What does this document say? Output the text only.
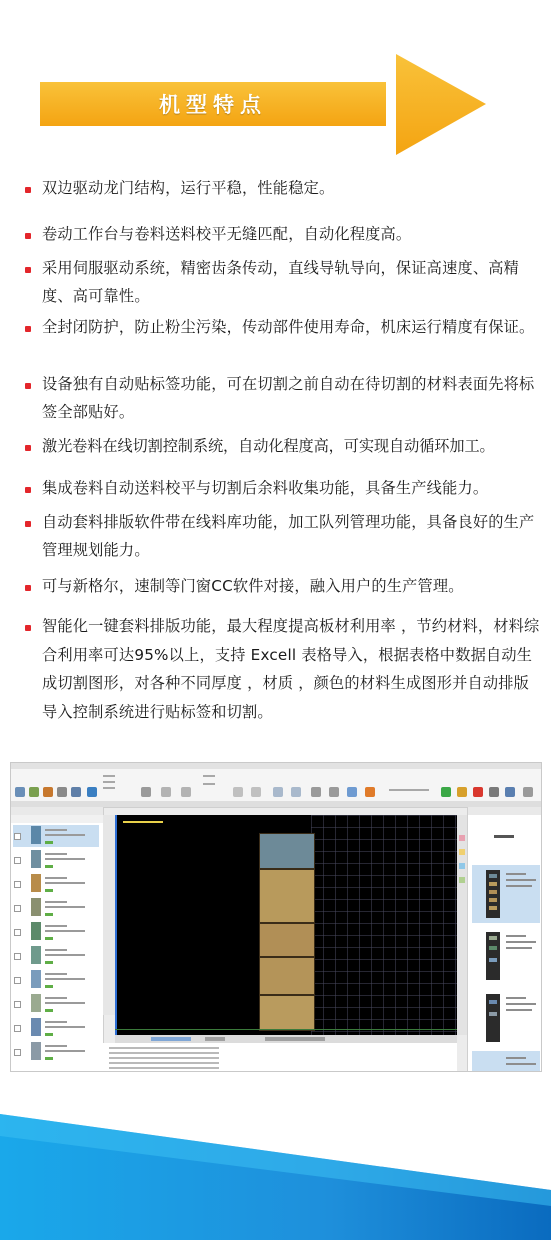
机型特点
双边驱动龙门结构，运行平稳，性能稳定。
卷动工作台与卷料送料校平无缝匹配，自动化程度高。
采用伺服驱动系统，精密齿条传动，直线导轨导向，保证高速度、高精度、高可靠性。
全封闭防护，防止粉尘污染，传动部件使用寿命，机床运行精度有保证。
设备独有自动贴标签功能，可在切割之前自动在待切割的材料表面先将标签全部贴好。
激光卷料在线切割控制系统，自动化程度高，可实现自动循环加工。
集成卷料自动送料校平与切割后余料收集功能，具备生产线能力。
自动套料排版软件带在线料库功能，加工队列管理功能，具备良好的生产管理规划能力。
可与新格尔，速制等门窗CC软件对接，融入用户的生产管理。
智能化一键套料排版功能，最大程度提高板材利用率 ，节约材料，材料综合利用率可达95%以上，支持 Excell 表格导入，根据表格中数据自动生成切割图形，对各种不同厚度 ，材质 ，颜色的材料生成图形并自动排版导入控制系统进行贴标签和切割。
